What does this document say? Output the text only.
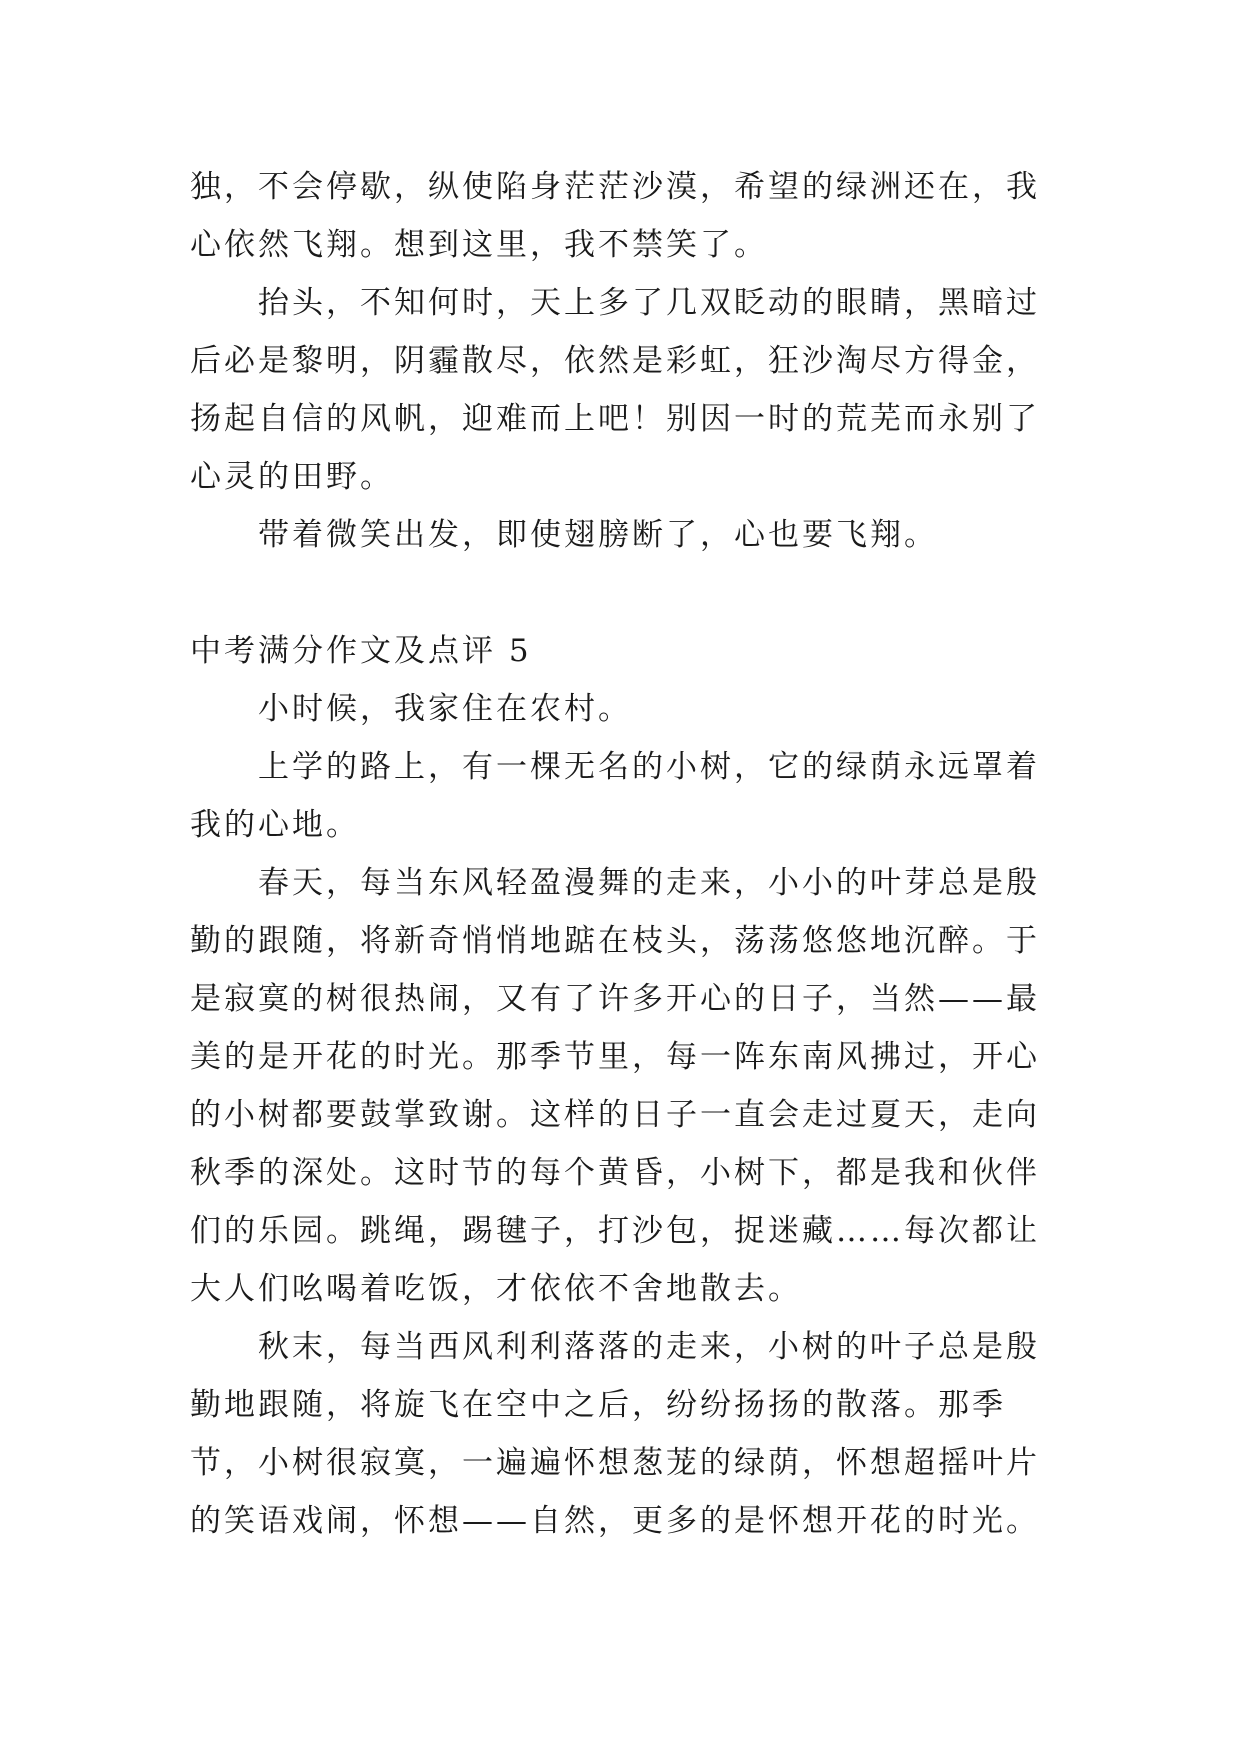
独，不会停歇，纵使陷身茫茫沙漠，希望的绿洲还在，我心依然飞翔。想到这里，我不禁笑了。

抬头，不知何时，天上多了几双眨动的眼睛，黑暗过后必是黎明，阴霾散尽，依然是彩虹，狂沙淘尽方得金，扬起自信的风帆，迎难而上吧！别因一时的荒芜而永别了心灵的田野。

带着微笑出发，即使翅膀断了，心也要飞翔。

中考满分作文及点评 5

小时候，我家住在农村。

上学的路上，有一棵无名的小树，它的绿荫永远罩着我的心地。

春天，每当东风轻盈漫舞的走来，小小的叶芽总是殷勤的跟随，将新奇悄悄地踮在枝头，荡荡悠悠地沉醉。于是寂寞的树很热闹，又有了许多开心的日子，当然——最美的是开花的时光。那季节里，每一阵东南风拂过，开心的小树都要鼓掌致谢。这样的日子一直会走过夏天，走向秋季的深处。这时节的每个黄昏，小树下，都是我和伙伴们的乐园。跳绳，踢毽子，打沙包，捉迷藏……每次都让大人们吆喝着吃饭，才依依不舍地散去。

秋末，每当西风利利落落的走来，小树的叶子总是殷勤地跟随，将旋飞在空中之后，纷纷扬扬的散落。那季节，小树很寂寞，一遍遍怀想葱茏的绿荫，怀想超摇叶片的笑语戏闹，怀想——自然，更多的是怀想开花的时光。
